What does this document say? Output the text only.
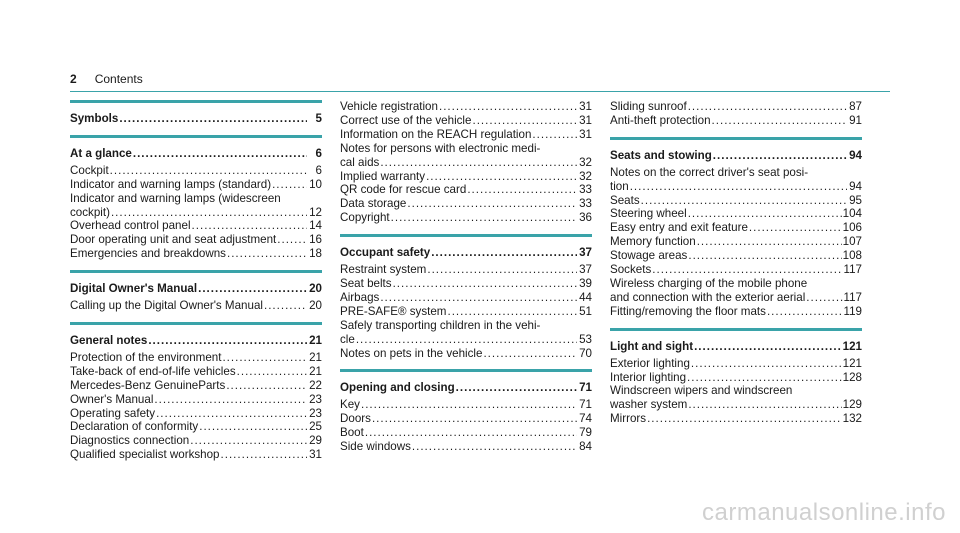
2 Contents
Symbols .....	5
At a glance .....	6
Cockpit .....	6
Indicator and warning lamps (standard) .....	10
Indicator and warning lamps (widescreen
cockpit) .....	12
Overhead control panel .....	14
Door operating unit and seat adjustment .....	16
Emergencies and breakdowns .....	18
Digital Owner's Manual .....	20
Calling up the Digital Owner's Manual .....	20
General notes .....	21
Protection of the environment .....	21
Take-back of end-of-life vehicles .....	21
Mercedes-Benz GenuineParts .....	22
Owner's Manual .....	23
Operating safety .....	23
Declaration of conformity .....	25
Diagnostics connection .....	29
Qualified specialist workshop .....	31
Vehicle registration .....	31
Correct use of the vehicle .....	31
Information on the REACH regulation .....	31
Notes for persons with electronic medi-
cal aids .....	32
Implied warranty .....	32
QR code for rescue card .....	33
Data storage .....	33
Copyright .....	36
Occupant safety .....	37
Restraint system .....	37
Seat belts .....	39
Airbags .....	44
PRE-SAFE® system .....	51
Safely transporting children in the vehi-
cle .....	53
Notes on pets in the vehicle .....	70
Opening and closing .....	71
Key .....	71
Doors .....	74
Boot .....	79
Side windows .....	84
Sliding sunroof .....	87
Anti-theft protection .....	91
Seats and stowing .....	94
Notes on the correct driver's seat posi-
tion .....	94
Seats .....	95
Steering wheel .....	104
Easy entry and exit feature .....	106
Memory function .....	107
Stowage areas .....	108
Sockets .....	117
Wireless charging of the mobile phone
and connection with the exterior aerial .....	117
Fitting/removing the floor mats .....	119
Light and sight .....	121
Exterior lighting .....	121
Interior lighting .....	128
Windscreen wipers and windscreen
washer system .....	129
Mirrors .....	132
carmanualsonline.info
